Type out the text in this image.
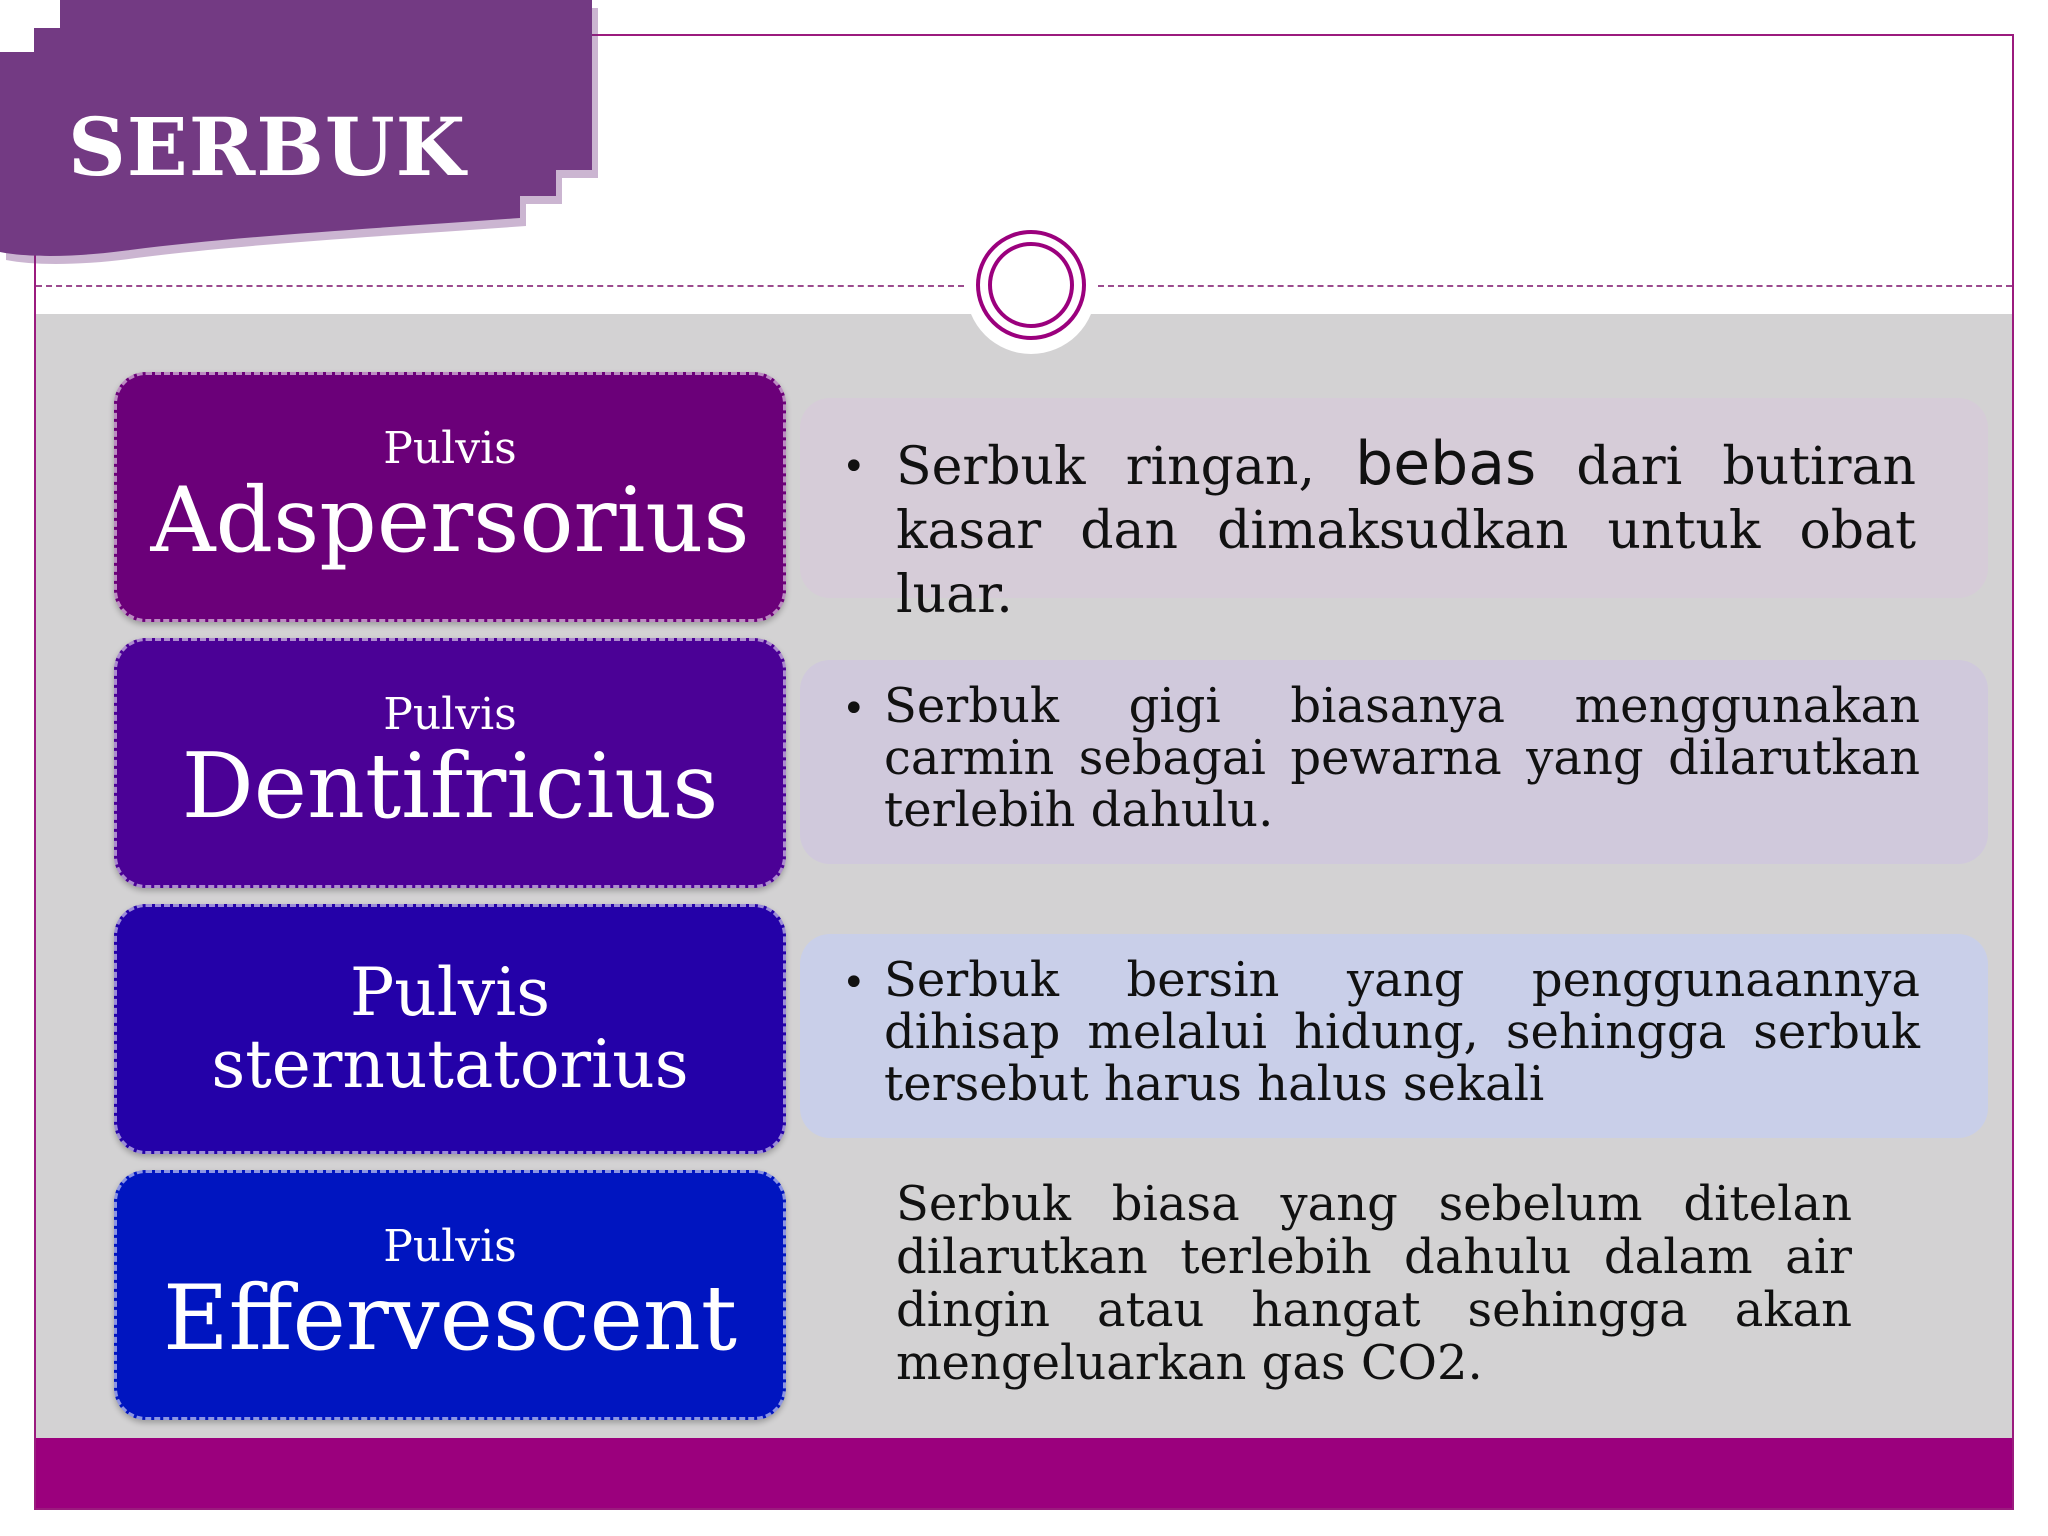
SERBUK
Pulvis
Adspersorius
• Serbuk ringan, bebas dari butiran kasar dan dimaksudkan untuk obat luar.
Pulvis
Dentifricius
• Serbuk gigi biasanya menggunakan carmin sebagai pewarna yang dilarutkan terlebih dahulu.
Pulvis
sternutatorius
• Serbuk bersin yang penggunaannya dihisap melalui hidung, sehingga serbuk tersebut harus halus sekali
Pulvis
Effervescent
Serbuk biasa yang sebelum ditelan dilarutkan terlebih dahulu dalam air dingin atau hangat sehingga akan mengeluarkan gas CO2.
